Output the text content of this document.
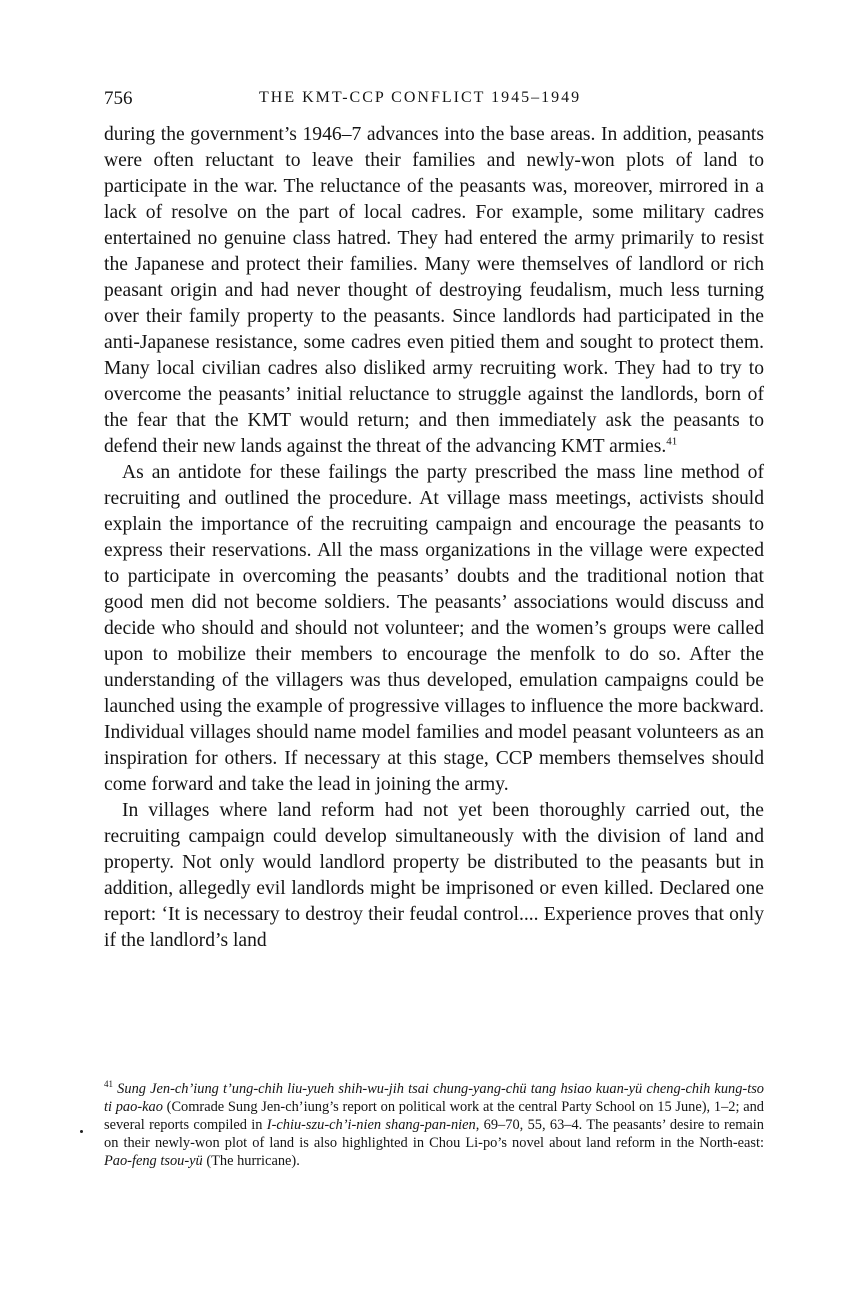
756	THE KMT-CCP CONFLICT 1945–1949

during the government’s 1946–7 advances into the base areas. In addition, peasants were often reluctant to leave their families and newly-won plots of land to participate in the war. The reluctance of the peasants was, moreover, mirrored in a lack of resolve on the part of local cadres. For example, some military cadres entertained no genuine class hatred. They had entered the army primarily to resist the Japanese and protect their families. Many were themselves of landlord or rich peasant origin and had never thought of destroying feudalism, much less turning over their family property to the peasants. Since landlords had participated in the anti-Japanese resistance, some cadres even pitied them and sought to protect them. Many local civilian cadres also disliked army recruiting work. They had to try to overcome the peasants’ initial reluctance to struggle against the landlords, born of the fear that the KMT would return; and then immediately ask the peasants to defend their new lands against the threat of the advancing KMT armies.$^{41}$

As an antidote for these failings the party prescribed the mass line method of recruiting and outlined the procedure. At village mass meetings, activists should explain the importance of the recruiting campaign and encourage the peasants to express their reservations. All the mass organizations in the village were expected to participate in overcoming the peasants’ doubts and the traditional notion that good men did not become soldiers. The peasants’ associations would discuss and decide who should and should not volunteer; and the women’s groups were called upon to mobilize their members to encourage the menfolk to do so. After the understanding of the villagers was thus developed, emulation campaigns could be launched using the example of progressive villages to influence the more backward. Individual villages should name model families and model peasant volunteers as an inspiration for others. If necessary at this stage, CCP members themselves should come forward and take the lead in joining the army.

In villages where land reform had not yet been thoroughly carried out, the recruiting campaign could develop simultaneously with the division of land and property. Not only would landlord property be distributed to the peasants but in addition, allegedly evil landlords might be imprisoned or even killed. Declared one report: ‘It is necessary to destroy their feudal control.... Experience proves that only if the landlord’s land

$^{41}$ Sung Jen-ch’iung t’ung-chih liu-yueh shih-wu-jih tsai chung-yang-chü tang hsiao kuan-yü cheng-chih kung-tso ti pao-kao (Comrade Sung Jen-ch’iung’s report on political work at the central Party School on 15 June), 1–2; and several reports compiled in I-chiu-szu-ch’i-nien shang-pan-nien, 69–70, 55, 63–4. The peasants’ desire to remain on their newly-won plot of land is also highlighted in Chou Li-po’s novel about land reform in the North-east: Pao-feng tsou-yü (The hurricane).
